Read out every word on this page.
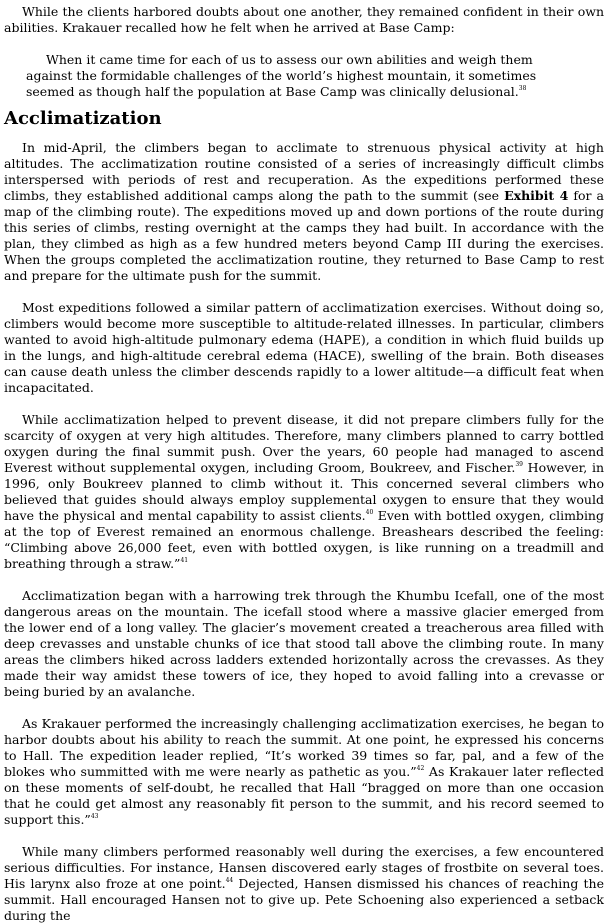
While the clients harbored doubts about one another, they remained confident in their own abilities. Krakauer recalled how he felt when he arrived at Base Camp:

When it came time for each of us to assess our own abilities and weigh them against the formidable challenges of the world’s highest mountain, it sometimes seemed as though half the population at Base Camp was clinically delusional.$^{38}$

Acclimatization

In mid-April, the climbers began to acclimate to strenuous physical activity at high altitudes. The acclimatization routine consisted of a series of increasingly difficult climbs interspersed with periods of rest and recuperation. As the expeditions performed these climbs, they established additional camps along the path to the summit (see Exhibit 4 for a map of the climbing route). The expeditions moved up and down portions of the route during this series of climbs, resting overnight at the camps they had built. In accordance with the plan, they climbed as high as a few hundred meters beyond Camp III during the exercises. When the groups completed the acclimatization routine, they returned to Base Camp to rest and prepare for the ultimate push for the summit.

Most expeditions followed a similar pattern of acclimatization exercises. Without doing so, climbers would become more susceptible to altitude-related illnesses. In particular, climbers wanted to avoid high-altitude pulmonary edema (HAPE), a condition in which fluid builds up in the lungs, and high-altitude cerebral edema (HACE), swelling of the brain. Both diseases can cause death unless the climber descends rapidly to a lower altitude—a difficult feat when incapacitated.

While acclimatization helped to prevent disease, it did not prepare climbers fully for the scarcity of oxygen at very high altitudes. Therefore, many climbers planned to carry bottled oxygen during the final summit push. Over the years, 60 people had managed to ascend Everest without supplemental oxygen, including Groom, Boukreev, and Fischer.$^{39}$ However, in 1996, only Boukreev planned to climb without it. This concerned several climbers who believed that guides should always employ supplemental oxygen to ensure that they would have the physical and mental capability to assist clients.$^{40}$ Even with bottled oxygen, climbing at the top of Everest remained an enormous challenge. Breashears described the feeling: “Climbing above 26,000 feet, even with bottled oxygen, is like running on a treadmill and breathing through a straw.”$^{41}$

Acclimatization began with a harrowing trek through the Khumbu Icefall, one of the most dangerous areas on the mountain. The icefall stood where a massive glacier emerged from the lower end of a long valley. The glacier’s movement created a treacherous area filled with deep crevasses and unstable chunks of ice that stood tall above the climbing route. In many areas the climbers hiked across ladders extended horizontally across the crevasses. As they made their way amidst these towers of ice, they hoped to avoid falling into a crevasse or being buried by an avalanche.

As Krakauer performed the increasingly challenging acclimatization exercises, he began to harbor doubts about his ability to reach the summit. At one point, he expressed his concerns to Hall. The expedition leader replied, “It’s worked 39 times so far, pal, and a few of the blokes who summitted with me were nearly as pathetic as you.”$^{42}$ As Krakauer later reflected on these moments of self-doubt, he recalled that Hall “bragged on more than one occasion that he could get almost any reasonably fit person to the summit, and his record seemed to support this.”$^{43}$

While many climbers performed reasonably well during the exercises, a few encountered serious difficulties. For instance, Hansen discovered early stages of frostbite on several toes. His larynx also froze at one point.$^{44}$ Dejected, Hansen dismissed his chances of reaching the summit. Hall encouraged Hansen not to give up. Pete Schoening also experienced a setback during the
